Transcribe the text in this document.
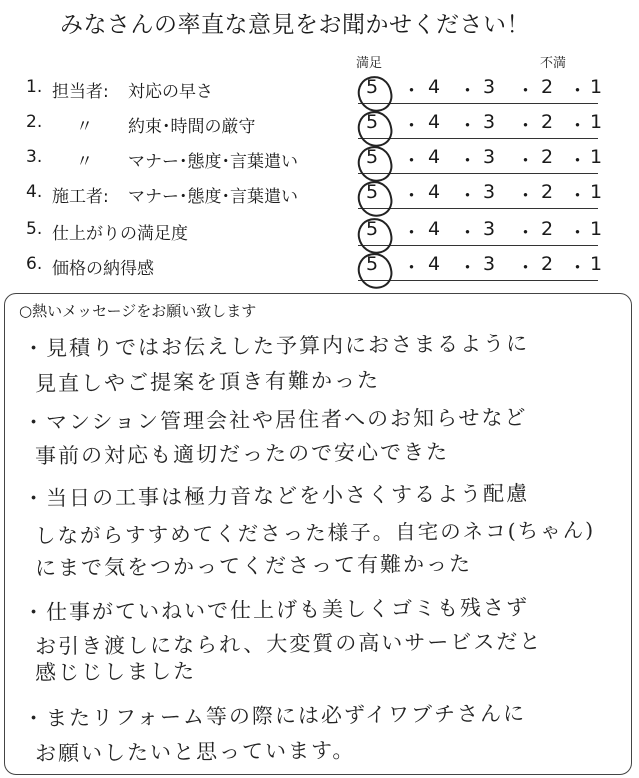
みなさんの率直な意見をお聞かせください！
満足	不満
1. 担当者: 対応の早さ	5 ・ 4 ・ 3 ・ 2 ・ 1
2. 〃 約束･時間の厳守	5 ・ 4 ・ 3 ・ 2 ・ 1
3. 〃 マナー･態度･言葉遣い	5 ・ 4 ・ 3 ・ 2 ・ 1
4. 施工者: マナー･態度･言葉遣い	5 ・ 4 ・ 3 ・ 2 ・ 1
5. 仕上がりの満足度	5 ・ 4 ・ 3 ・ 2 ・ 1
6. 価格の納得感	5 ・ 4 ・ 3 ・ 2 ・ 1
○熱いメッセージをお願い致します
・見積りではお伝えした予算内におさまるように
見直しやご提案を頂き有難かった
・マンション管理会社や居住者へのお知らせなど
事前の対応も適切だったので安心できた
・当日の工事は極力音などを小さくするよう配慮
しながらすすめてくださった様子。自宅のネコ(ちゃん)
にまで気をつかってくださって有難かった
・仕事がていねいで仕上げも美しくゴミも残さず
お引き渡しになられ、大変質の高いサービスだと
感じじしました
・またリフォーム等の際には必ずイワブチさんに
お願いしたいと思っています。
